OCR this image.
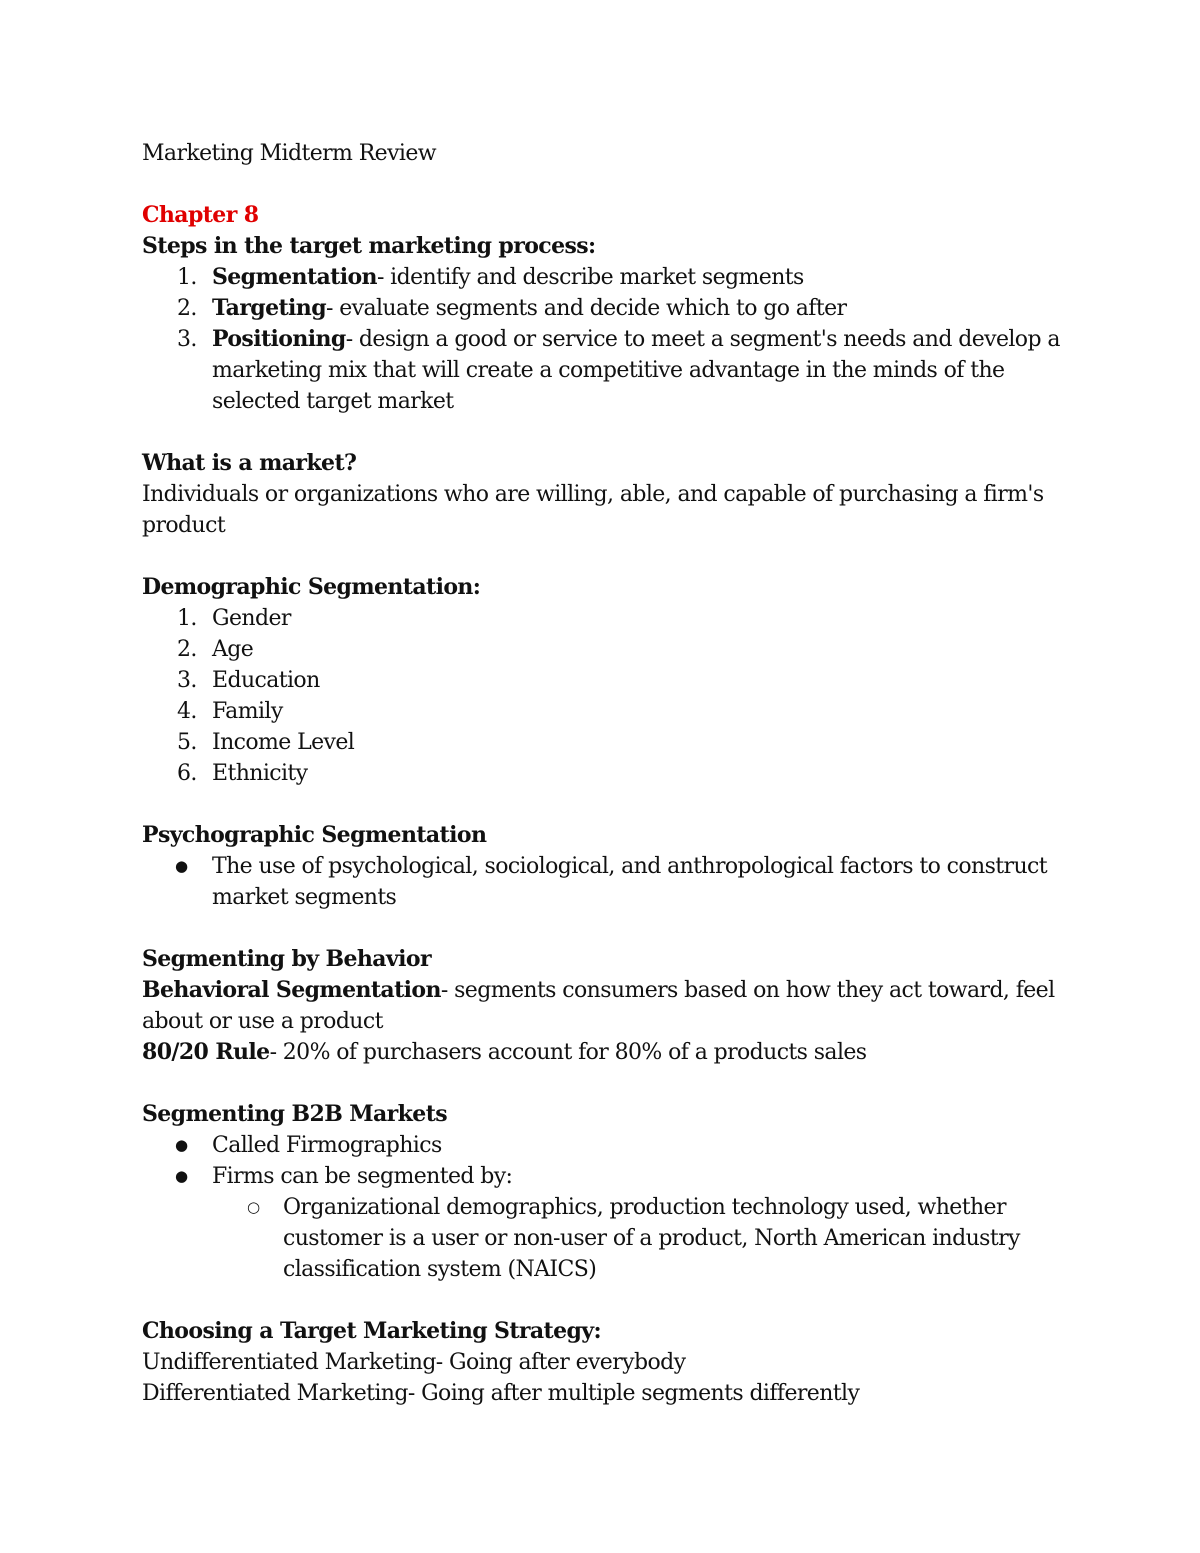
Marketing Midterm Review

Chapter 8

Steps in the target marketing process:

1. Segmentation- identify and describe market segments
2. Targeting- evaluate segments and decide which to go after
3. Positioning- design a good or service to meet a segment's needs and develop a marketing mix that will create a competitive advantage in the minds of the selected target market

What is a market?

Individuals or organizations who are willing, able, and capable of purchasing a firm's product

Demographic Segmentation:

1. Gender
2. Age
3. Education
4. Family
5. Income Level
6. Ethnicity

Psychographic Segmentation

● The use of psychological, sociological, and anthropological factors to construct market segments

Segmenting by Behavior

Behavioral Segmentation- segments consumers based on how they act toward, feel about or use a product

80/20 Rule- 20% of purchasers account for 80% of a products sales

Segmenting B2B Markets

● Called Firmographics
● Firms can be segmented by:
○ Organizational demographics, production technology used, whether customer is a user or non-user of a product, North American industry classification system (NAICS)

Choosing a Target Marketing Strategy:

Undifferentiated Marketing- Going after everybody

Differentiated Marketing- Going after multiple segments differently
